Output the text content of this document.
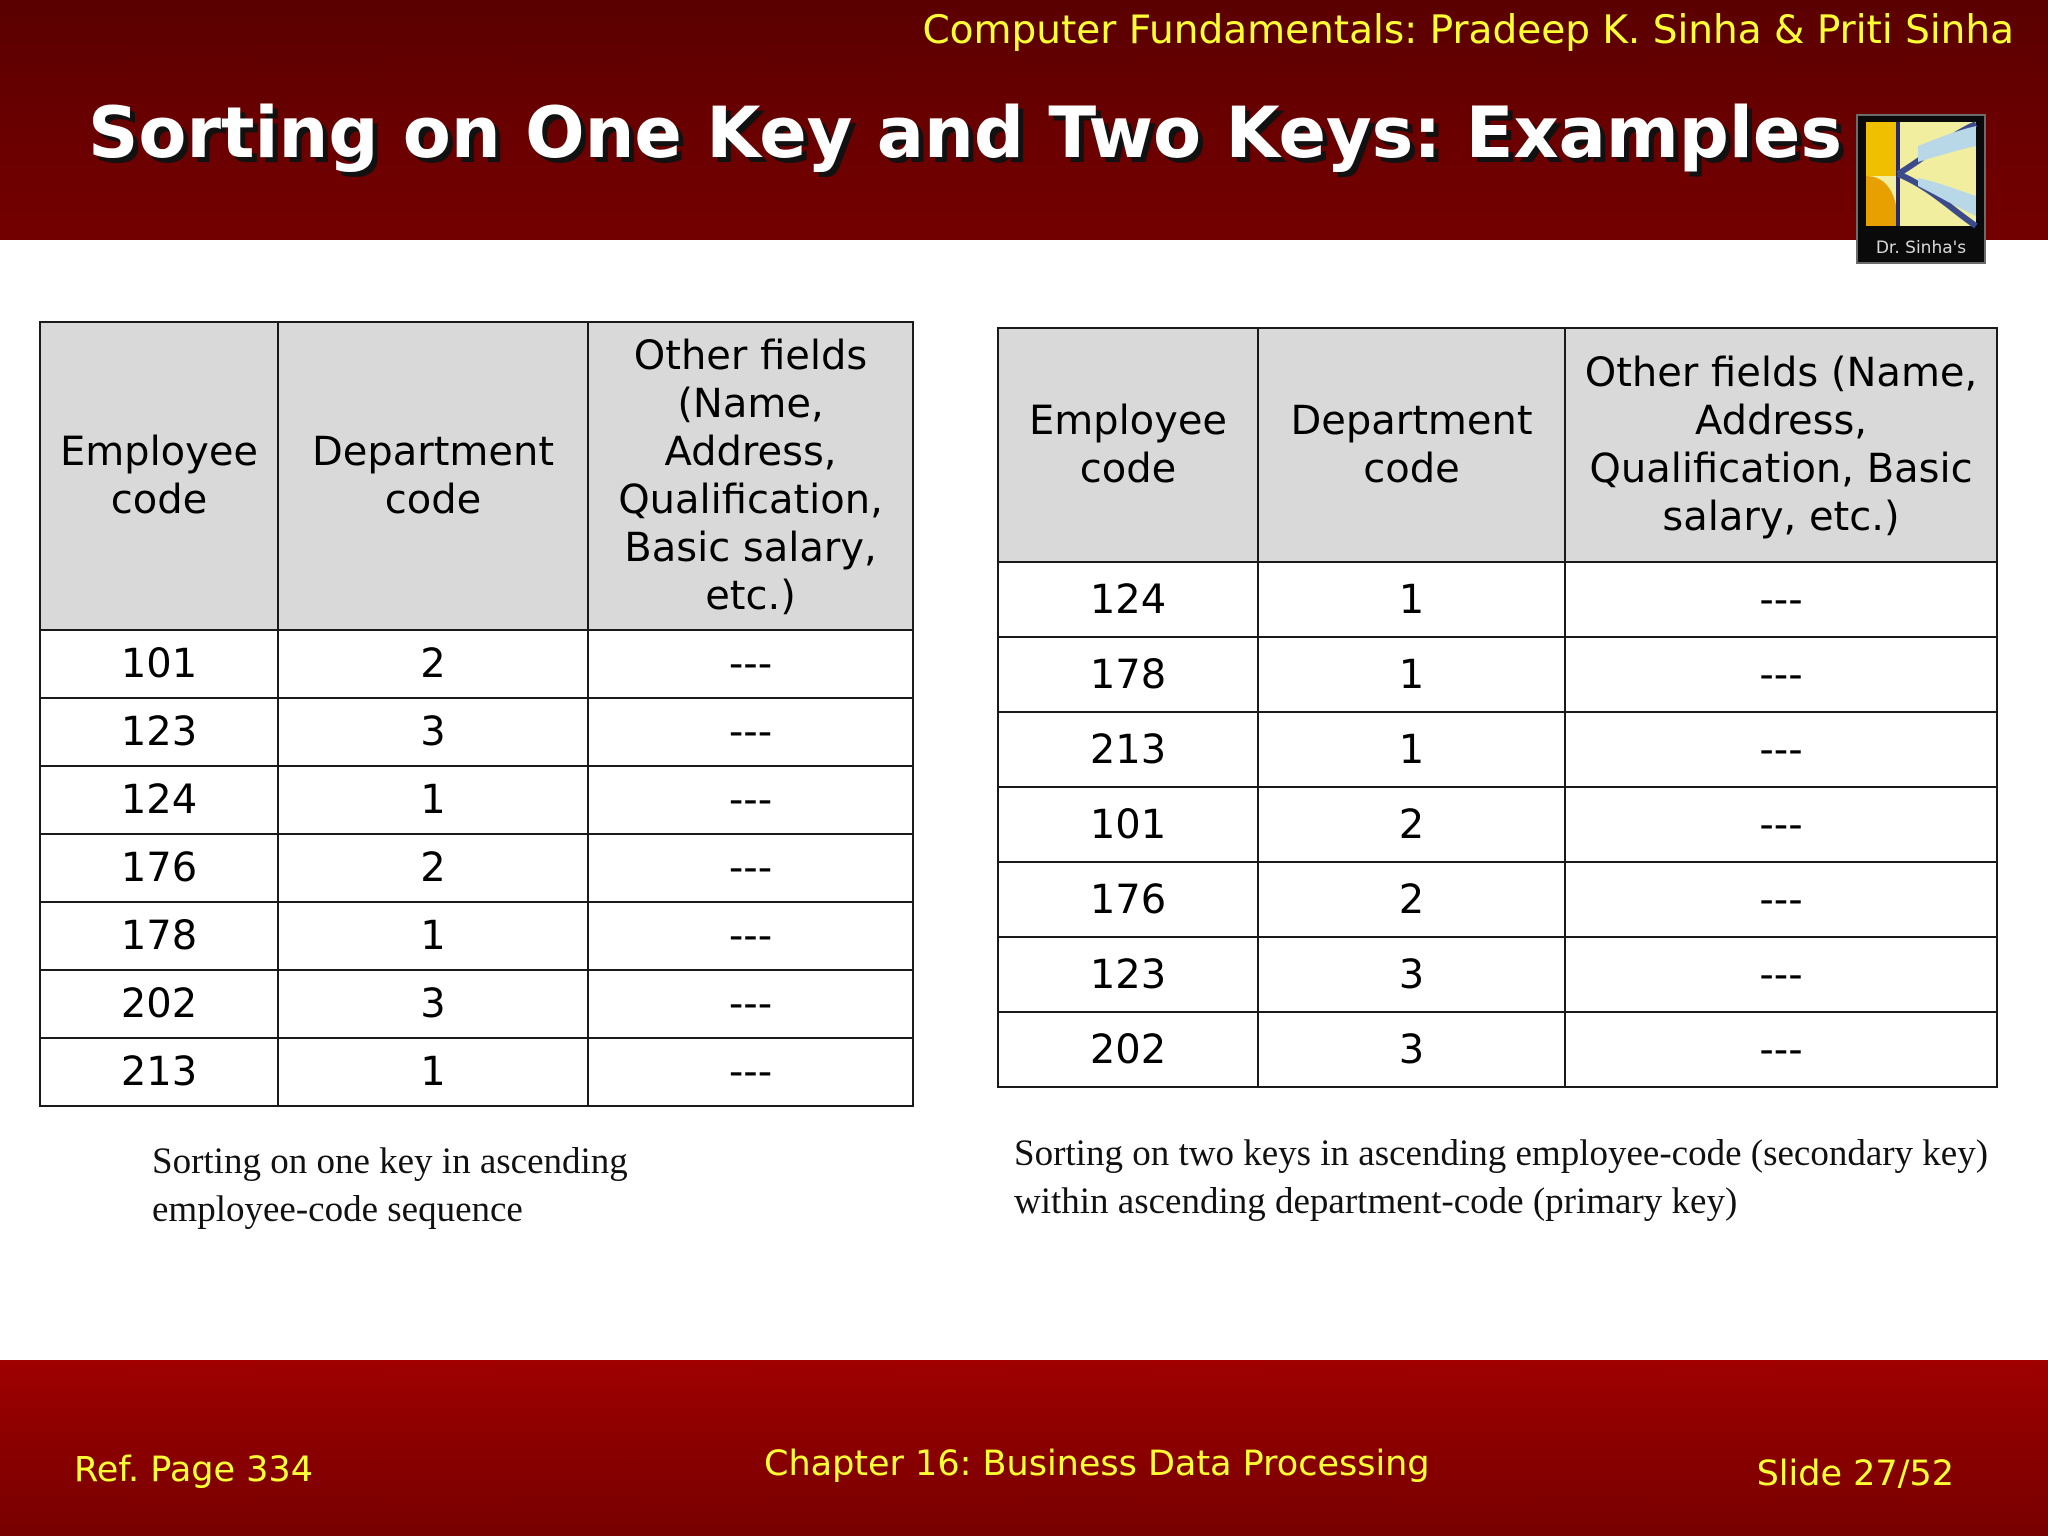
Computer Fundamentals: Pradeep K. Sinha & Priti Sinha
Sorting on One Key and Two Keys: Examples
Dr. Sinha's
Employee code	Department code	Other fields (Name, Address, Qualification, Basic salary, etc.)
101	2	---
123	3	---
124	1	---
176	2	---
178	1	---
202	3	---
213	1	---
Employee code	Department code	Other fields (Name, Address, Qualification, Basic salary, etc.)
124	1	---
178	1	---
213	1	---
101	2	---
176	2	---
123	3	---
202	3	---
Sorting on one key in ascending employee-code sequence
Sorting on two keys in ascending employee-code (secondary key) within ascending department-code (primary key)
Ref. Page 334	Chapter 16: Business Data Processing	Slide 27/52
